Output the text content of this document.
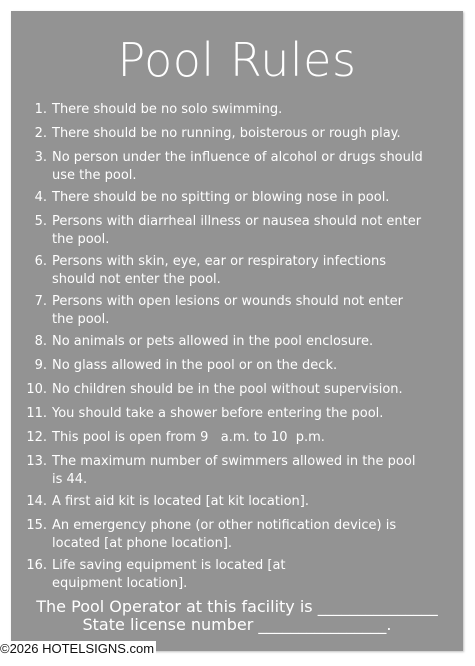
Pool Rules
1. There should be no solo swimming.
2. There should be no running, boisterous or rough play.
3. No person under the influence of alcohol or drugs should use the pool.
4. There should be no spitting or blowing nose in pool.
5. Persons with diarrheal illness or nausea should not enter the pool.
6. Persons with skin, eye, ear or respiratory infections should not enter the pool.
7. Persons with open lesions or wounds should not enter the pool.
8. No animals or pets allowed in the pool enclosure.
9. No glass allowed in the pool or on the deck.
10. No children should be in the pool without supervision.
11. You should take a shower before entering the pool.
12. This pool is open from 9   a.m. to 10  p.m.
13. The maximum number of swimmers allowed in the pool is 44.
14. A first aid kit is located [at kit location].
15. An emergency phone (or other notification device) is located [at phone location].
16. Life saving equipment is located [at equipment location].
The Pool Operator at this facility is _______________
State license number ________________.
©2026 HOTELSIGNS.com
